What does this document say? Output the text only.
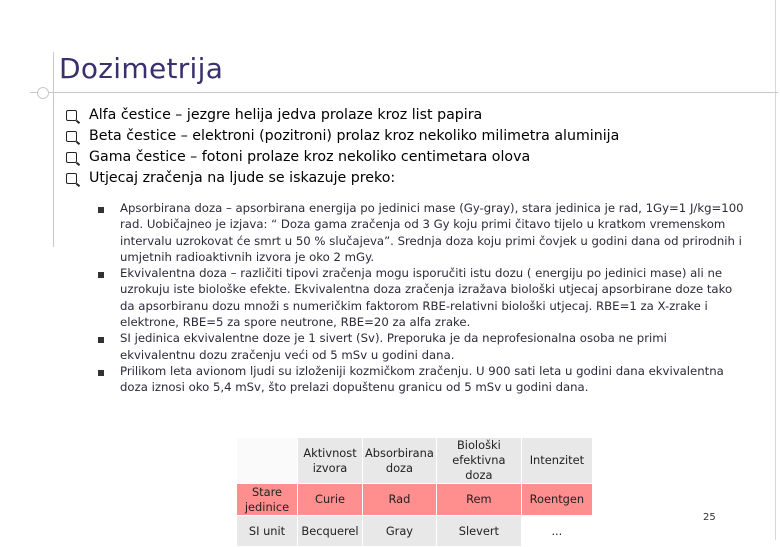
Dozimetrija
Alfa čestice – jezgre helija jedva prolaze kroz list papira
Beta čestice – elektroni (pozitroni) prolaz kroz nekoliko milimetra aluminija
Gama čestice – fotoni prolaze kroz nekoliko centimetara olova
Utjecaj zračenja na ljude se iskazuje preko:
Apsorbirana doza – apsorbirana energija po jedinici mase (Gy-gray), stara jedinica je rad, 1Gy=1 J/kg=100 rad. Uobičajneo je izjava: “ Doza gama zračenja od 3 Gy koju primi čitavo tijelo u kratkom vremenskom intervalu uzrokovat će smrt u 50 % slučajeva”. Srednja doza koju primi čovjek u godini dana od prirodnih i umjetnih radioaktivnih izvora je oko 2 mGy.
Ekvivalentna doza – različiti tipovi zračenja mogu isporučiti istu dozu ( energiju po jedinici mase) ali ne uzrokuju iste biološke efekte. Ekvivalentna doza zračenja izražava biološki utjecaj apsorbirane doze tako da apsorbiranu dozu množi s numeričkim faktorom RBE-relativni biološki utjecaj. RBE=1 za X-zrake i elektrone, RBE=5 za spore neutrone, RBE=20 za alfa zrake.
SI jedinica ekvivalentne doze je 1 sivert (Sv). Preporuka je da neprofesionalna osoba ne primi ekvivalentnu dozu zračenju veći od 5 mSv u godini dana.
Prilikom leta avionom ljudi su izloženiji kozmičkom zračenju. U 900 sati leta u godini dana ekvivalentna doza iznosi oko 5,4 mSv, što prelazi dopuštenu granicu od 5 mSv u godini dana.
	Aktivnost izvora	Absorbirana doza	Biološki efektivna doza	Intenzitet
Stare jedinice	Curie	Rad	Rem	Roentgen
SI unit	Becquerel	Gray	Slevert	...
25
